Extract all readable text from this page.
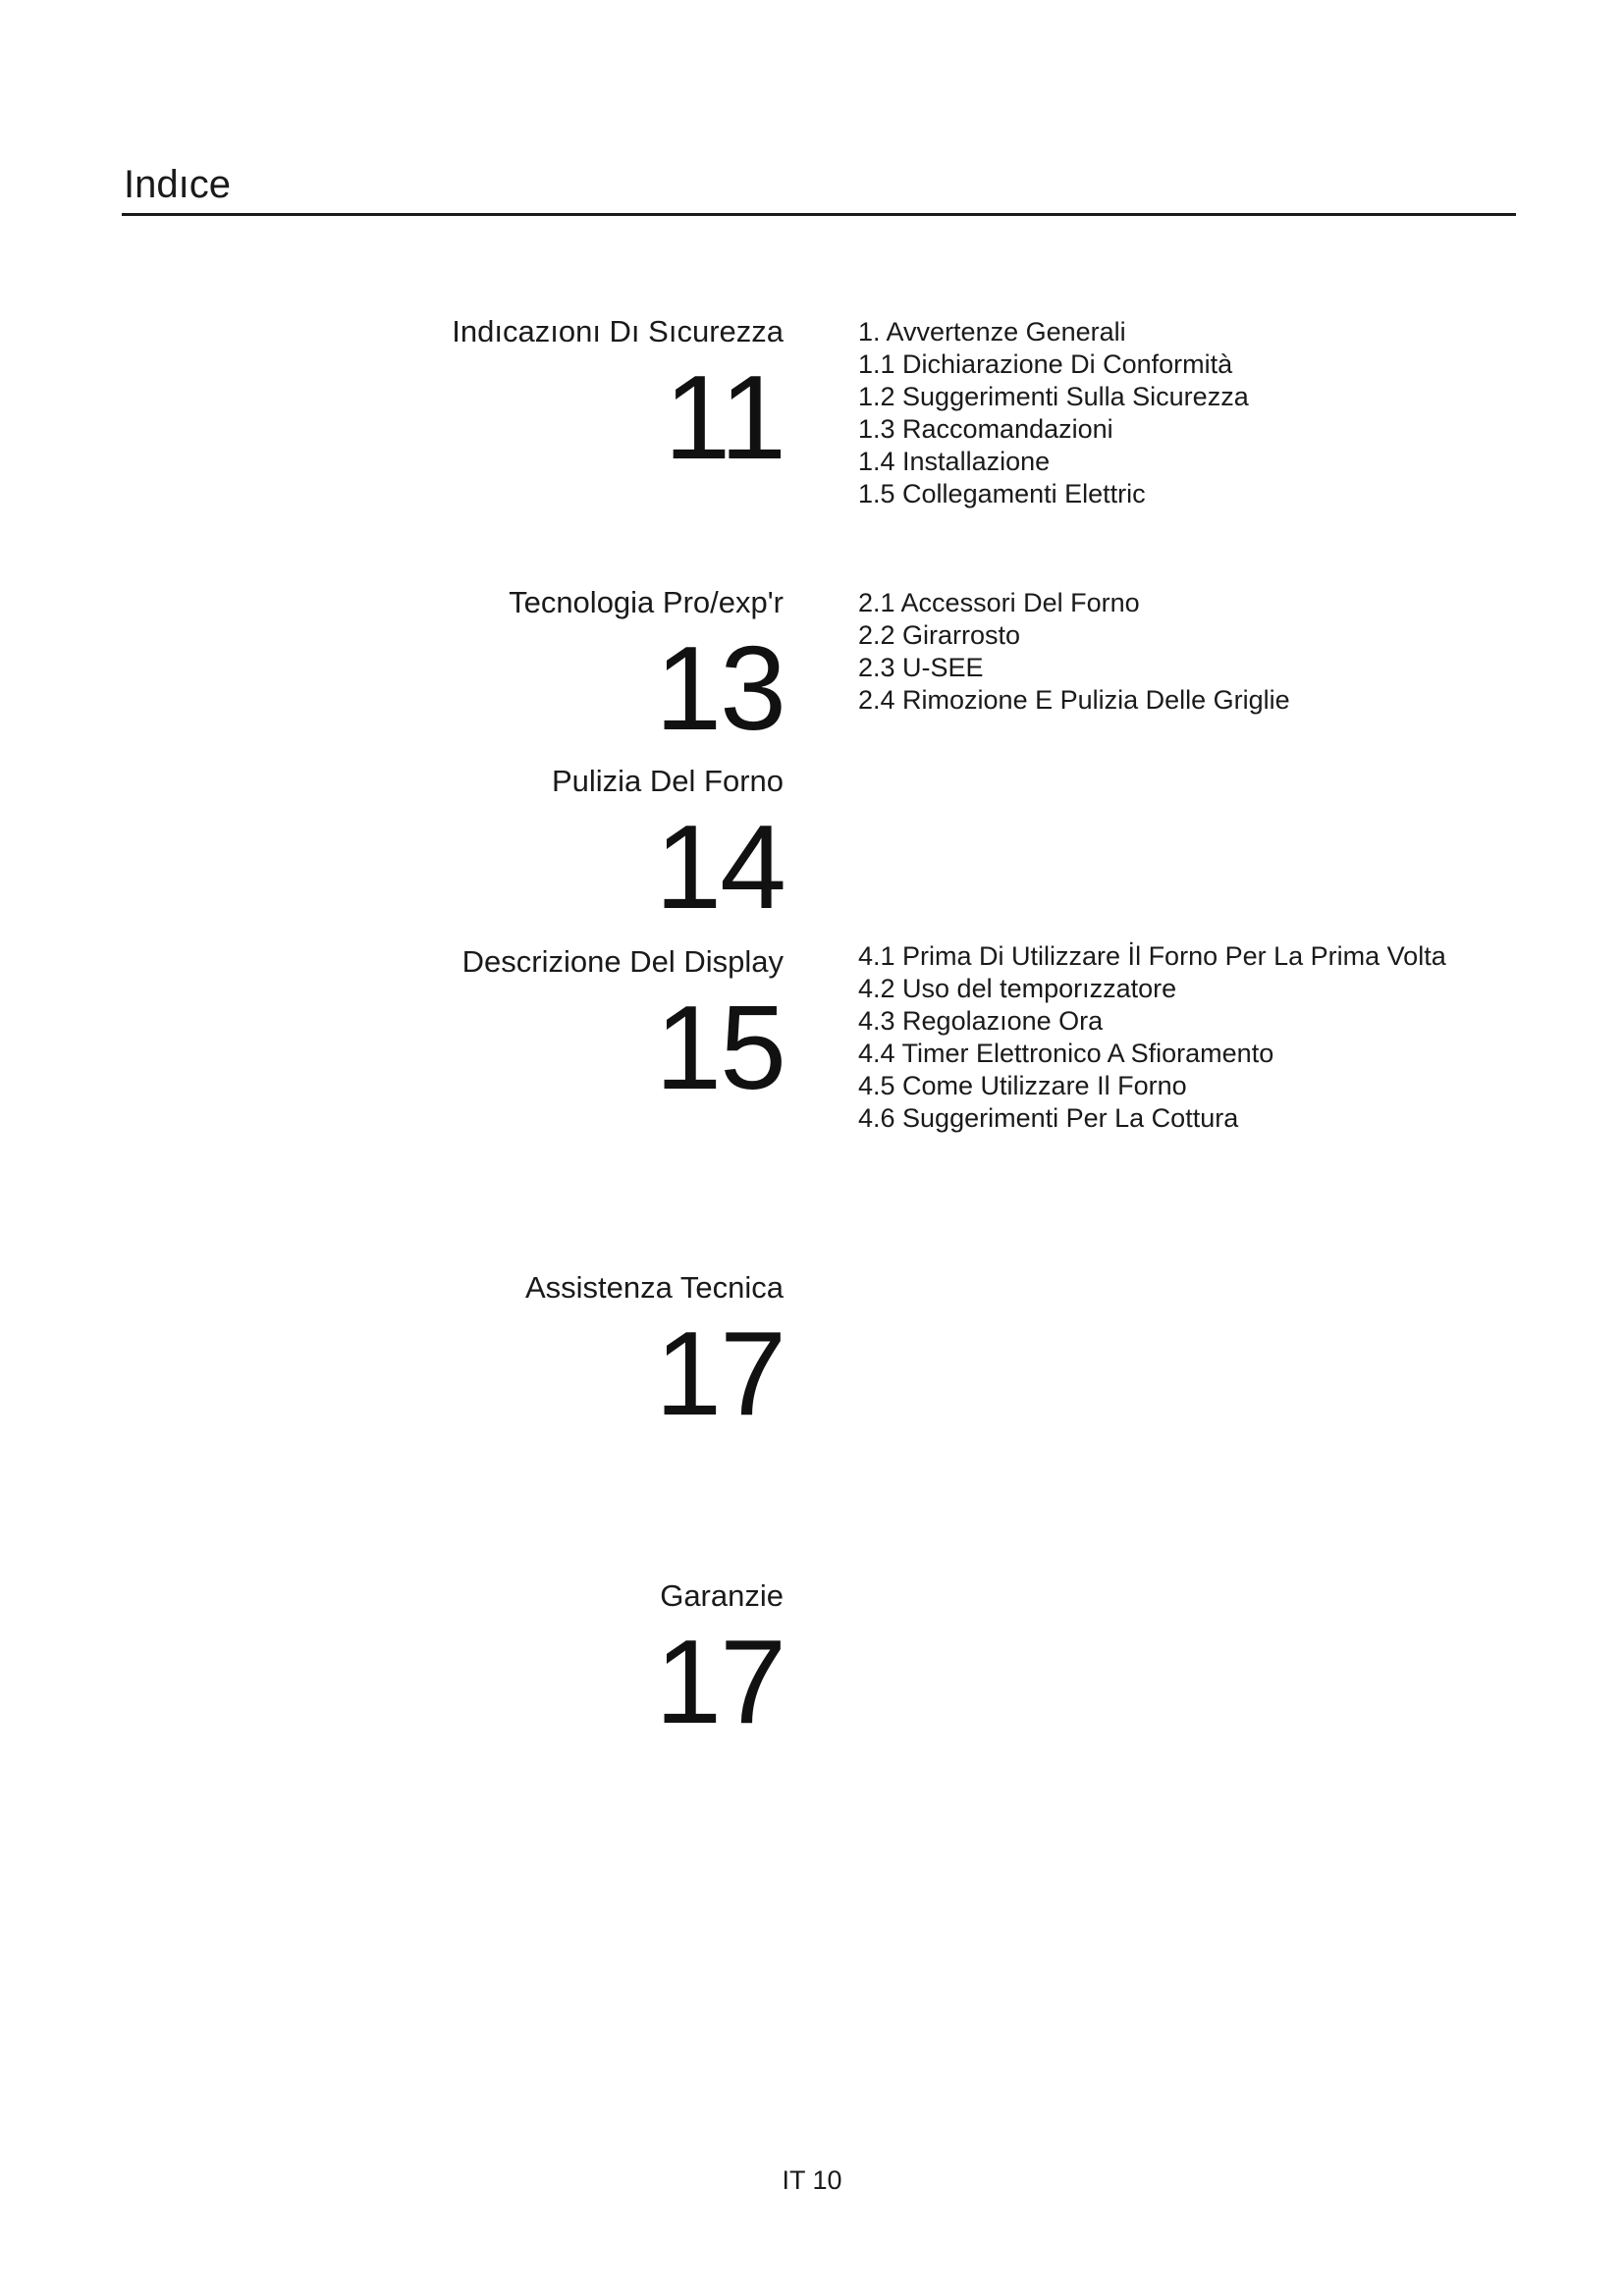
Indıce
Indıcazıonı Dı Sıcurezza
11
1. Avvertenze Generali
1.1 Dichiarazione Di Conformità
1.2 Suggerimenti Sulla Sicurezza
1.3 Raccomandazioni
1.4 Installazione
1.5 Collegamenti Elettric
Tecnologia Pro/exp'r
13
2.1 Accessori Del Forno
2.2 Girarrosto
2.3 U-SEE
2.4 Rimozione E Pulizia Delle Griglie
Pulizia Del Forno
14
Descrizione Del Display
15
4.1 Prima Di Utilizzare İl Forno Per La Prima Volta
4.2 Uso del temporızzatore
4.3 Regolazıone Ora
4.4 Timer Elettronico A Sfioramento
4.5 Come Utilizzare Il Forno
4.6 Suggerimenti Per La Cottura
Assistenza Tecnica
17
Garanzie
17
IT 10
